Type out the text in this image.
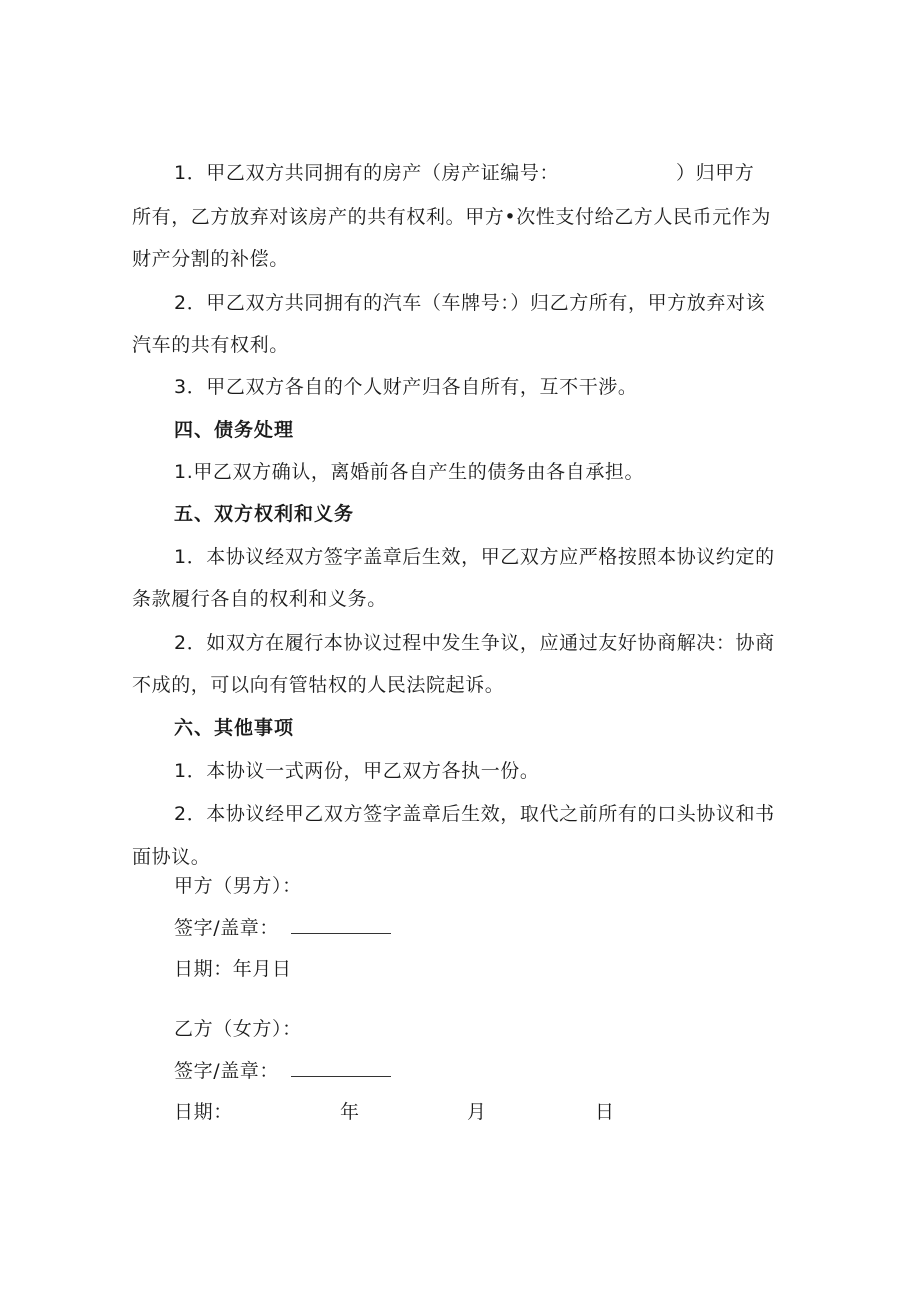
1．甲乙双方共同拥有的房产（房产证编号：	）归甲方
所有，乙方放弃对该房产的共有权利。甲方•次性支付给乙方人民币元作为
财产分割的补偿。
2．甲乙双方共同拥有的汽车（车牌号：）归乙方所有，甲方放弃对该
汽车的共有权利。
3．甲乙双方各自的个人财产归各自所有，互不干涉。
四、债务处理
1.甲乙双方确认，离婚前各自产生的债务由各自承担。
五、双方权利和义务
1．本协议经双方签字盖章后生效，甲乙双方应严格按照本协议约定的
条款履行各自的权利和义务。
2．如双方在履行本协议过程中发生争议，应通过友好协商解决：协商
不成的，可以向有管牯权的人民法院起诉。
六、其他事项
1．本协议一式两份，甲乙双方各执一份。
2．本协议经甲乙双方签字盖章后生效，取代之前所有的口头协议和书
面协议。
甲方（男方）：
签字/盖章：
日期：年月日
乙方（女方）：
签字/盖章：
日期：	年	月	日
